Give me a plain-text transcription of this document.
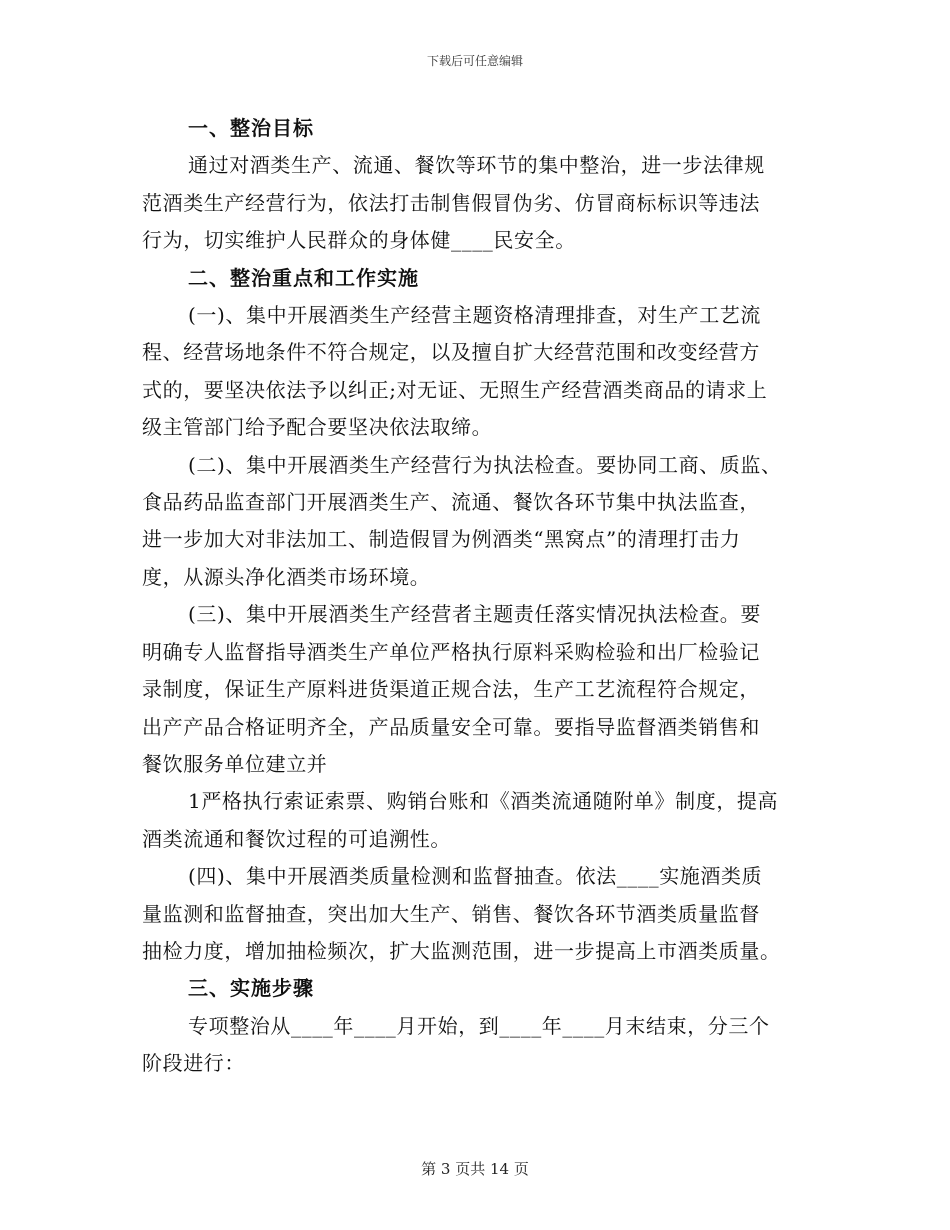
下载后可任意编辑
一、整治目标
通过对酒类生产、流通、餐饮等环节的集中整治，进一步法律规
范酒类生产经营行为，依法打击制售假冒伪劣、仿冒商标标识等违法
行为，切实维护人民群众的身体健____民安全。
二、整治重点和工作实施
(一)、集中开展酒类生产经营主题资格清理排查，对生产工艺流
程、经营场地条件不符合规定，以及擅自扩大经营范围和改变经营方
式的，要坚决依法予以纠正;对无证、无照生产经营酒类商品的请求上
级主管部门给予配合要坚决依法取缔。
(二)、集中开展酒类生产经营行为执法检查。要协同工商、质监、
食品药品监查部门开展酒类生产、流通、餐饮各环节集中执法监查，
进一步加大对非法加工、制造假冒为例酒类“黑窝点”的清理打击力
度，从源头净化酒类市场环境。
(三)、集中开展酒类生产经营者主题责任落实情况执法检查。要
明确专人监督指导酒类生产单位严格执行原料采购检验和出厂检验记
录制度，保证生产原料进货渠道正规合法，生产工艺流程符合规定，
出产产品合格证明齐全，产品质量安全可靠。要指导监督酒类销售和
餐饮服务单位建立并
1严格执行索证索票、购销台账和《酒类流通随附单》制度，提高
酒类流通和餐饮过程的可追溯性。
(四)、集中开展酒类质量检测和监督抽查。依法____实施酒类质
量监测和监督抽查，突出加大生产、销售、餐饮各环节酒类质量监督
抽检力度，增加抽检频次，扩大监测范围，进一步提高上市酒类质量。
三、实施步骤
专项整治从____年____月开始，到____年____月末结束，分三个
阶段进行：
第 3 页共 14 页
